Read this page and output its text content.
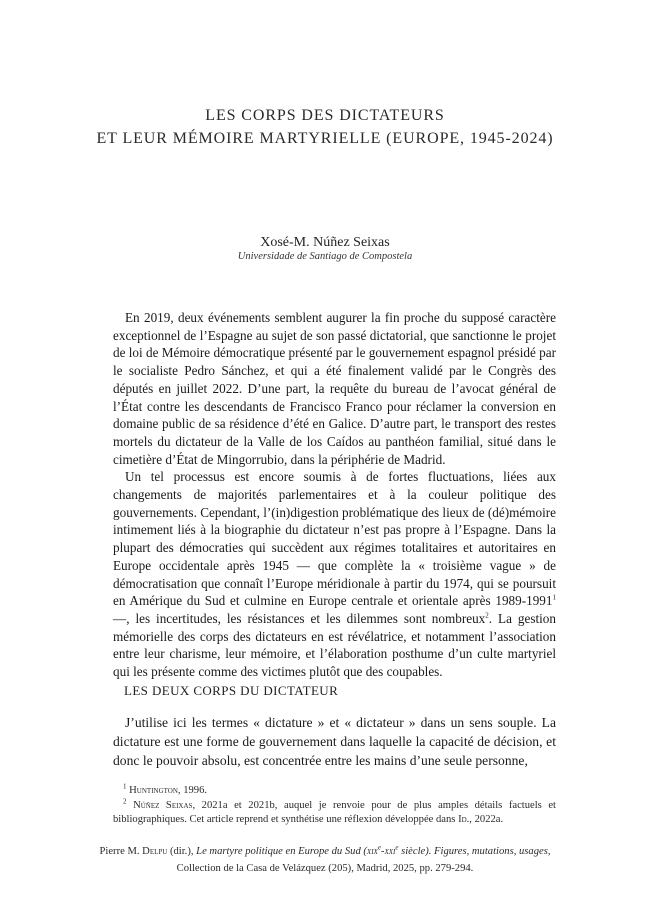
LES CORPS DES DICTATEURS
ET LEUR MÉMOIRE MARTYRIELLE (EUROPE, 1945-2024)
Xosé-M. Núñez Seixas
Universidade de Santiago de Compostela

En 2019, deux événements semblent augurer la fin proche du supposé caractère exceptionnel de l’Espagne au sujet de son passé dictatorial, que sanctionne le projet de loi de Mémoire démocratique présenté par le gouvernement espagnol présidé par le socialiste Pedro Sánchez, et qui a été finalement validé par le Congrès des députés en juillet 2022. D’une part, la requête du bureau de l’avocat général de l’État contre les descendants de Francisco Franco pour réclamer la conversion en domaine public de sa résidence d’été en Galice. D’autre part, le transport des restes mortels du dictateur de la Valle de los Caídos au panthéon familial, situé dans le cimetière d’État de Mingorrubio, dans la périphérie de Madrid.

Un tel processus est encore soumis à de fortes fluctuations, liées aux changements de majorités parlementaires et à la couleur politique des gouvernements. Cependant, l’(in)digestion problématique des lieux de (dé)mémoire intimement liés à la biographie du dictateur n’est pas propre à l’Espagne. Dans la plupart des démocraties qui succèdent aux régimes totalitaires et autoritaires en Europe occidentale après 1945 — que complète la « troisième vague » de démocratisation que connaît l’Europe méridionale à partir du 1974, qui se poursuit en Amérique du Sud et culmine en Europe centrale et orientale après 1989-1991$^1$ —, les incertitudes, les résistances et les dilemmes sont nombreux$^2$. La gestion mémorielle des corps des dictateurs en est révélatrice, et notamment l’association entre leur charisme, leur mémoire, et l’élaboration posthume d’un culte martyriel qui les présente comme des victimes plutôt que des coupables.

LES DEUX CORPS DU DICTATEUR

J’utilise ici les termes « dictature » et « dictateur » dans un sens souple. La dictature est une forme de gouvernement dans laquelle la capacité de décision, et donc le pouvoir absolu, est concentrée entre les mains d’une seule personne,

$^1$ Huntington, 1996.

$^2$ Núñez Seixas, 2021a et 2021b, auquel je renvoie pour de plus amples détails factuels et bibliographiques. Cet article reprend et synthétise une réflexion développée dans Id., 2022a.

Pierre M. Delpu (dir.), Le martyre politique en Europe du Sud (xix$^e$-xxi$^e$ siècle). Figures, mutations, usages,
Collection de la Casa de Velázquez (205), Madrid, 2025, pp. 279-294.
